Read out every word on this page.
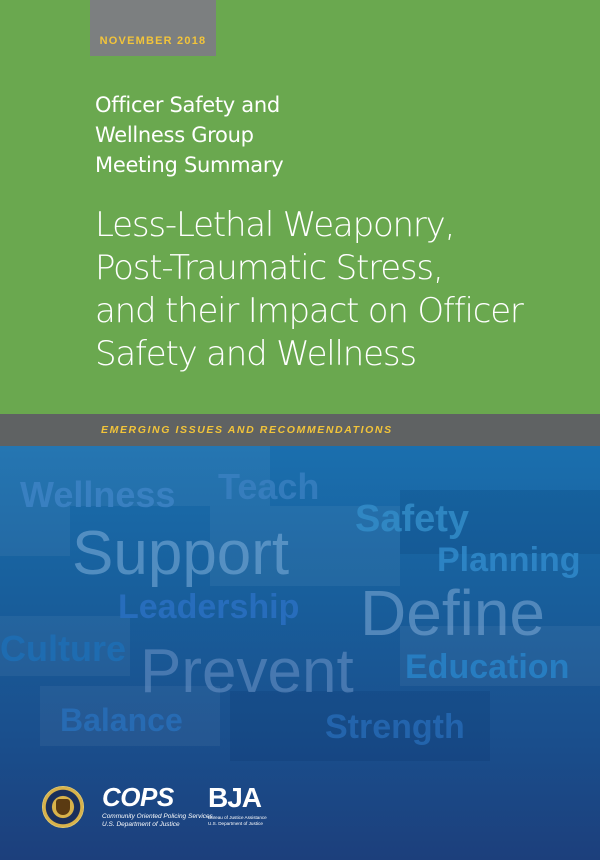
NOVEMBER 2018
Officer Safety and
Wellness Group
Meeting Summary
Less-Lethal Weaponry,
Post-Traumatic Stress,
and their Impact on Officer
Safety and Wellness
EMERGING ISSUES AND RECOMMENDATIONS
Wellness Teach
Safety
Support	Planning
Leadership Define
Culture Prevent Education
Balance	Strength
COPS
Community Oriented Policing Services
U.S. Department of Justice
BJA
Bureau of Justice Assistance
U.S. Department of Justice
